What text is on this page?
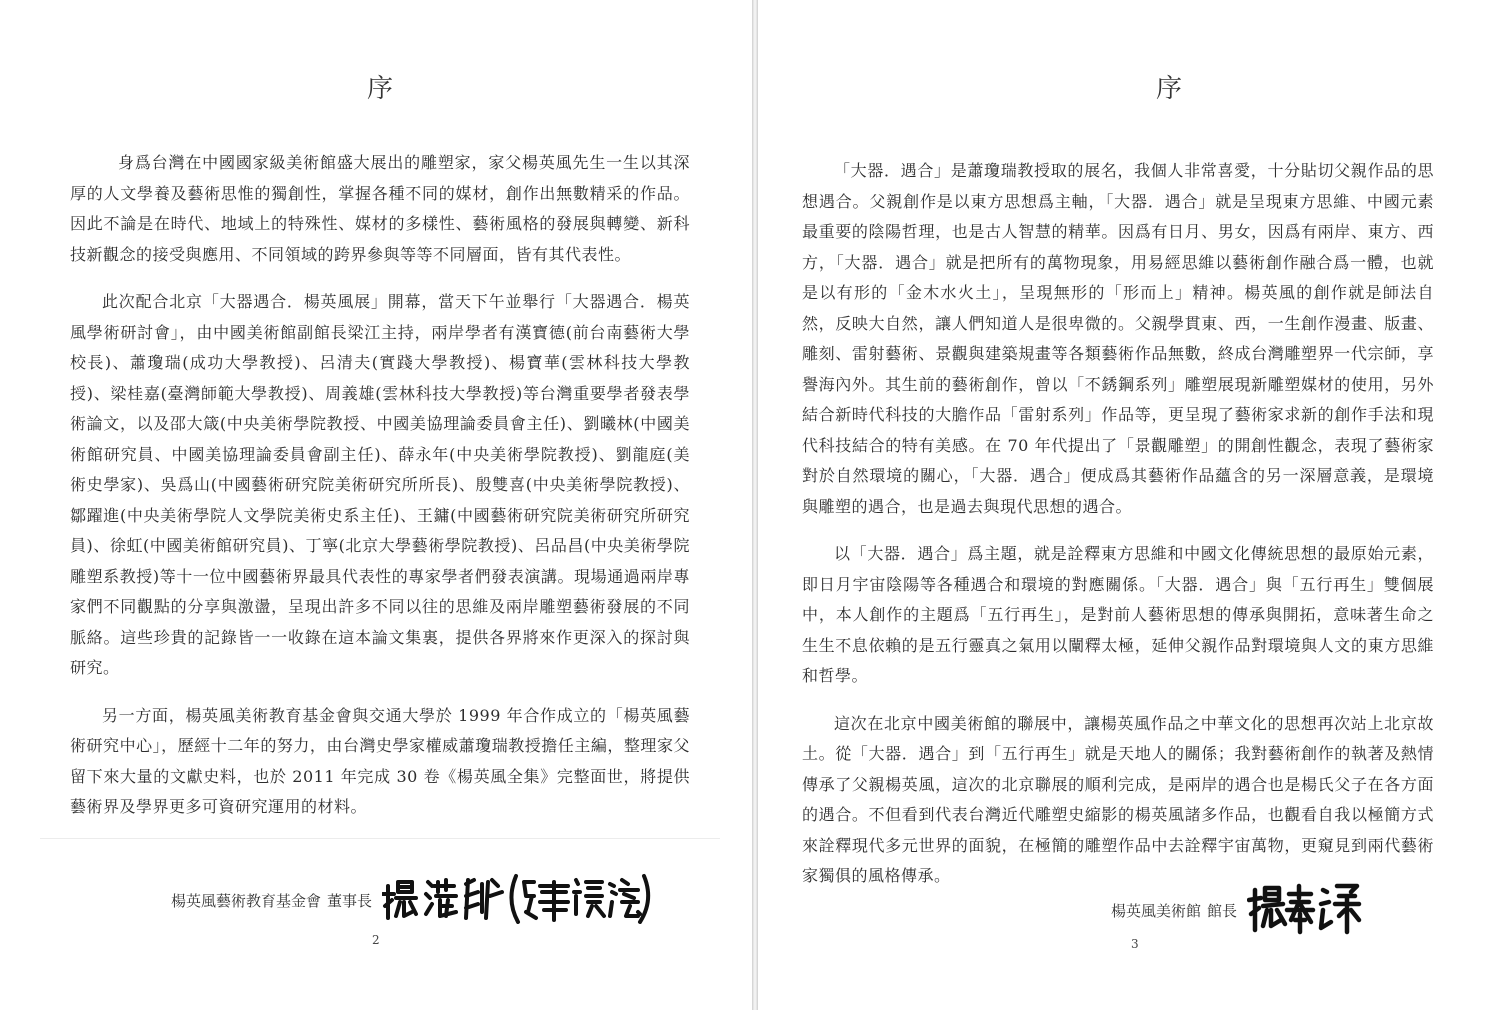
序

身爲台灣在中國國家級美術館盛大展出的雕塑家，家父楊英風先生一生以其深厚的人文學養及藝術思惟的獨創性，掌握各種不同的媒材，創作出無數精采的作品。因此不論是在時代、地域上的特殊性、媒材的多樣性、藝術風格的發展與轉變、新科技新觀念的接受與應用、不同領域的跨界參與等等不同層面，皆有其代表性。

此次配合北京「大器遇合．楊英風展」開幕，當天下午並舉行「大器遇合．楊英風學術研討會」，由中國美術館副館長梁江主持，兩岸學者有漢寶德(前台南藝術大學校長)、蕭瓊瑞(成功大學教授)、呂清夫(實踐大學教授)、楊寶華(雲林科技大學教授)、梁桂嘉(臺灣師範大學教授)、周義雄(雲林科技大學教授)等台灣重要學者發表學術論文，以及邵大箴(中央美術學院教授、中國美協理論委員會主任)、劉曦林(中國美術館研究員、中國美協理論委員會副主任)、薛永年(中央美術學院教授)、劉龍庭(美術史學家)、吳爲山(中國藝術研究院美術研究所所長)、殷雙喜(中央美術學院教授)、鄒躍進(中央美術學院人文學院美術史系主任)、王鏞(中國藝術研究院美術研究所研究員)、徐虹(中國美術館研究員)、丁寧(北京大學藝術學院教授)、呂品昌(中央美術學院雕塑系教授)等十一位中國藝術界最具代表性的專家學者們發表演講。現場通過兩岸專家們不同觀點的分享與激盪，呈現出許多不同以往的思維及兩岸雕塑藝術發展的不同脈絡。這些珍貴的記錄皆一一收錄在這本論文集裏，提供各界將來作更深入的探討與研究。

另一方面，楊英風美術教育基金會與交通大學於 1999 年合作成立的「楊英風藝術研究中心」，歷經十二年的努力，由台灣史學家權威蕭瓊瑞教授擔任主編，整理家父留下來大量的文獻史料，也於 2011 年完成 30 卷《楊英風全集》完整面世，將提供藝術界及學界更多可資研究運用的材料。

楊英風藝術教育基金會 董事長
2
序

「大器．遇合」是蕭瓊瑞教授取的展名，我個人非常喜愛，十分貼切父親作品的思想遇合。父親創作是以東方思想爲主軸，「大器．遇合」就是呈現東方思維、中國元素最重要的陰陽哲理，也是古人智慧的精華。因爲有日月、男女，因爲有兩岸、東方、西方，「大器．遇合」就是把所有的萬物現象，用易經思維以藝術創作融合爲一體，也就是以有形的「金木水火土」，呈現無形的「形而上」精神。楊英風的創作就是師法自然，反映大自然，讓人們知道人是很卑微的。父親學貫東、西，一生創作漫畫、版畫、雕刻、雷射藝術、景觀與建築規畫等各類藝術作品無數，終成台灣雕塑界一代宗師，享譽海內外。其生前的藝術創作，曾以「不銹鋼系列」雕塑展現新雕塑媒材的使用，另外結合新時代科技的大膽作品「雷射系列」作品等，更呈現了藝術家求新的創作手法和現代科技結合的特有美感。在 70 年代提出了「景觀雕塑」的開創性觀念，表現了藝術家對於自然環境的關心，「大器．遇合」便成爲其藝術作品蘊含的另一深層意義，是環境與雕塑的遇合，也是過去與現代思想的遇合。

以「大器．遇合」爲主題，就是詮釋東方思維和中國文化傳統思想的最原始元素，即日月宇宙陰陽等各種遇合和環境的對應關係。「大器．遇合」與「五行再生」雙個展中，本人創作的主題爲「五行再生」，是對前人藝術思想的傳承與開拓，意味著生命之生生不息依賴的是五行靈真之氣用以闡釋太極，延伸父親作品對環境與人文的東方思維和哲學。

這次在北京中國美術館的聯展中，讓楊英風作品之中華文化的思想再次站上北京故土。從「大器．遇合」到「五行再生」就是天地人的關係；我對藝術創作的執著及熱情傳承了父親楊英風，這次的北京聯展的順利完成，是兩岸的遇合也是楊氏父子在各方面的遇合。不但看到代表台灣近代雕塑史縮影的楊英風諸多作品，也觀看自我以極簡方式來詮釋現代多元世界的面貌，在極簡的雕塑作品中去詮釋宇宙萬物，更窺見到兩代藝術家獨俱的風格傳承。

楊英風美術館 館長
3
